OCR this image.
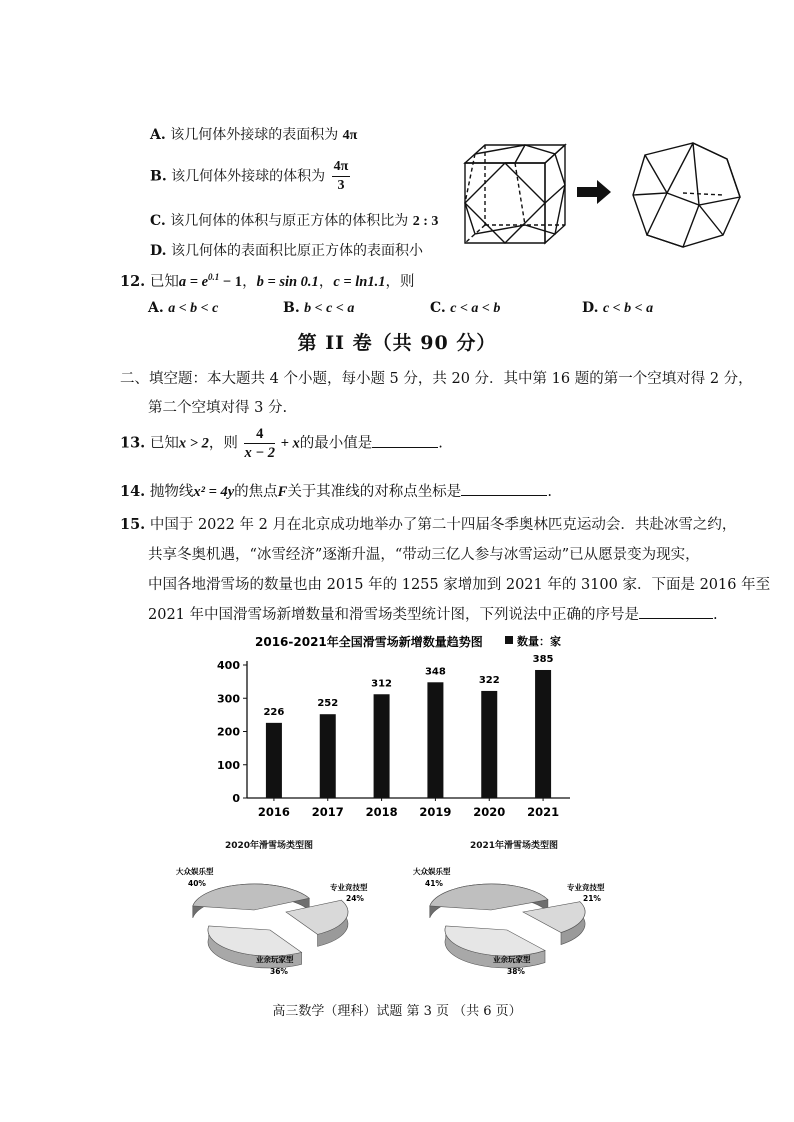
A. 该几何体外接球的表面积为 4π
B. 该几何体外接球的体积为 $\frac{4\pi}{3}$
C. 该几何体的体积与原正方体的体积比为 2 : 3
D. 该几何体的表面积比原正方体的表面积小
12. 已知$a = e^{0.1} - 1$，b = sin 0.1，c = ln1.1，则
A. a < b < c	B. b < c < a	C. c < a < b	D. c < b < a
第 II 卷（共 90 分）
二、填空题：本大题共 4 个小题，每小题 5 分，共 20 分．其中第 16 题的第一个空填对得 2 分，
第二个空填对得 3 分.
13. 已知x > 2，则 $\frac{4}{x - 2} + x$的最小值是	.
14. 抛物线x² = 4y的焦点F关于其准线的对称点坐标是	.
15. 中国于 2022 年 2 月在北京成功地举办了第二十四届冬季奥林匹克运动会．共赴冰雪之约，
共享冬奥机遇，“冰雪经济”逐渐升温，“带动三亿人参与冰雪运动”已从愿景变为现实，
中国各地滑雪场的数量也由 2015 年的 1255 家增加到 2021 年的 3100 家．下面是 2016 年至
2021 年中国滑雪场新增数量和滑雪场类型统计图，下列说法中正确的序号是	.
2016-2021年全国滑雪场新增数量趋势图	数量：家
0
100
200
300
400
226
2016
252
2017
312
2018
348
2019
322
2020
385
2021
2020年滑雪场类型图	2021年滑雪场类型图
大众娱乐型
40%	专业竞技型
24%
业余玩家型
36%
大众娱乐型
41%	专业竞技型
21%
业余玩家型
38%
高三数学（理科）试题 第 3 页 （共 6 页）
